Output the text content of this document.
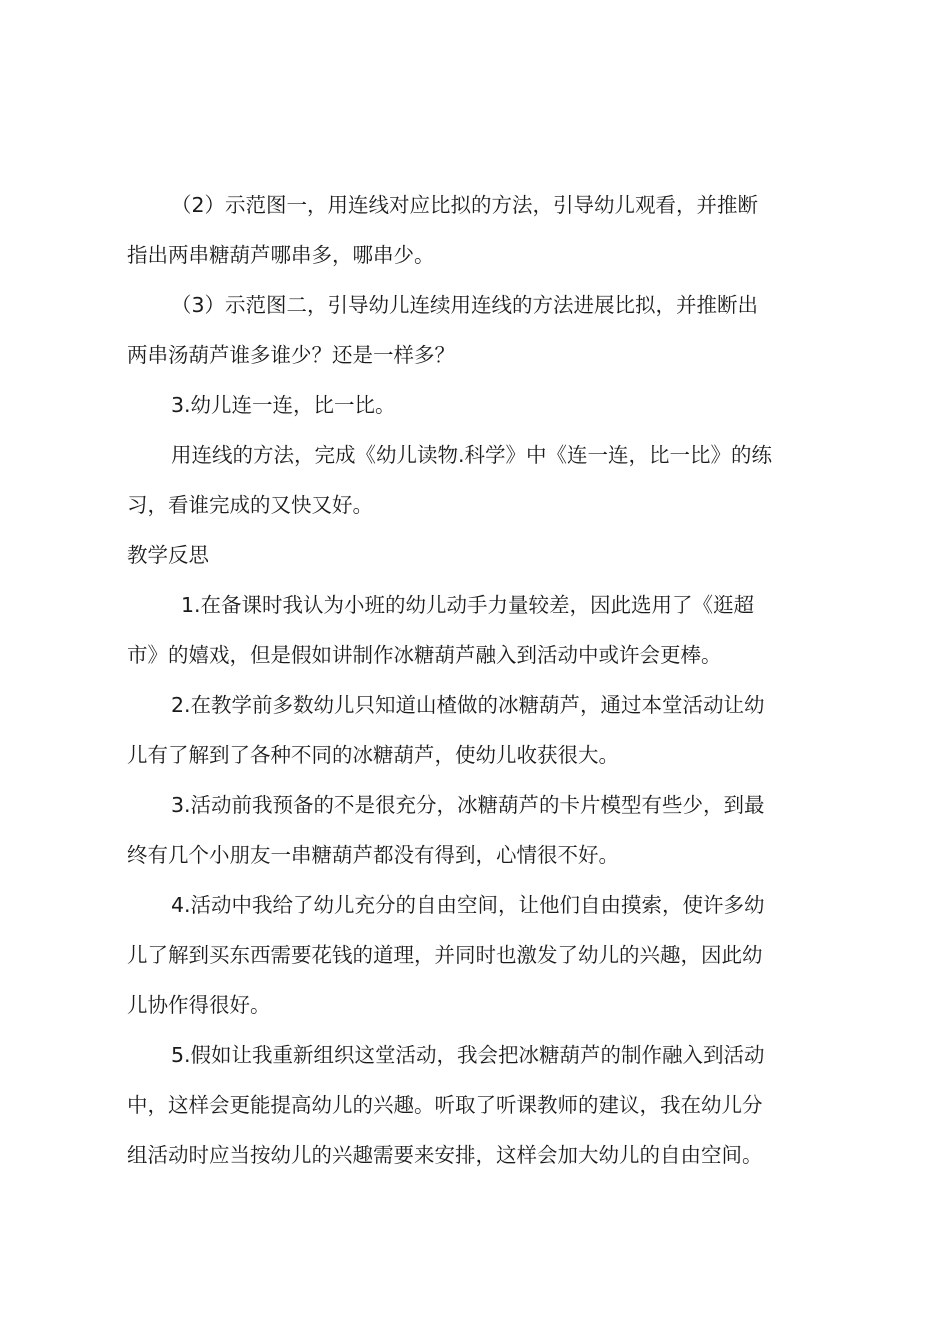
（2）示范图一，用连线对应比拟的方法，引导幼儿观看，并推断
指出两串糖葫芦哪串多，哪串少。

（3）示范图二，引导幼儿连续用连线的方法进展比拟，并推断出
两串汤葫芦谁多谁少？还是一样多？

3.幼儿连一连，比一比。

用连线的方法，完成《幼儿读物.科学》中《连一连，比一比》的练
习，看谁完成的又快又好。

教学反思

1.在备课时我认为小班的幼儿动手力量较差，因此选用了《逛超
市》的嬉戏，但是假如讲制作冰糖葫芦融入到活动中或许会更棒。

2.在教学前多数幼儿只知道山楂做的冰糖葫芦，通过本堂活动让幼
儿有了解到了各种不同的冰糖葫芦，使幼儿收获很大。

3.活动前我预备的不是很充分，冰糖葫芦的卡片模型有些少，到最
终有几个小朋友一串糖葫芦都没有得到，心情很不好。

4.活动中我给了幼儿充分的自由空间，让他们自由摸索，使许多幼
儿了解到买东西需要花钱的道理，并同时也激发了幼儿的兴趣，因此幼
儿协作得很好。

5.假如让我重新组织这堂活动，我会把冰糖葫芦的制作融入到活动
中，这样会更能提高幼儿的兴趣。听取了听课教师的建议，我在幼儿分
组活动时应当按幼儿的兴趣需要来安排，这样会加大幼儿的自由空间。
